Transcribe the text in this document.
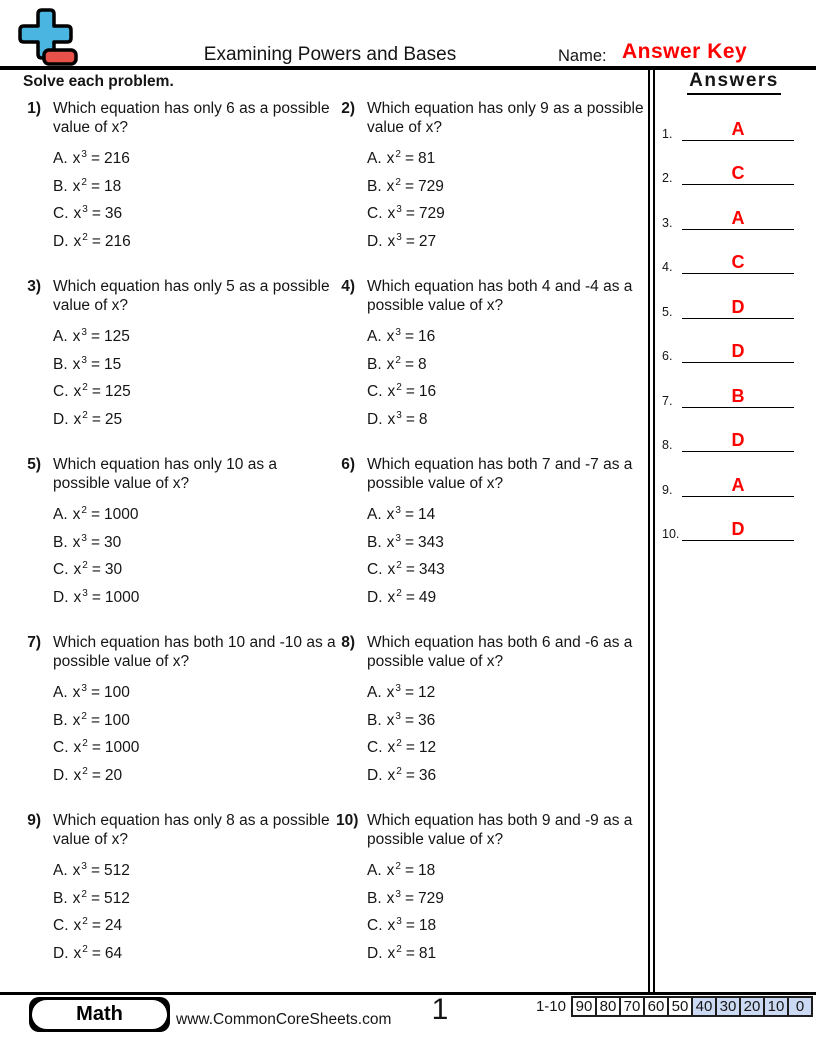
Examining Powers and Bases	Name: Answer Key
Solve each problem.
1) Which equation has only 6 as a possible value of x?
A. $x^3 = 216$
B. $x^2 = 18$
C. $x^3 = 36$
D. $x^2 = 216$
2) Which equation has only 9 as a possible value of x?
A. $x^2 = 81$
B. $x^2 = 729$
C. $x^3 = 729$
D. $x^3 = 27$
3) Which equation has only 5 as a possible value of x?
A. $x^3 = 125$
B. $x^3 = 15$
C. $x^2 = 125$
D. $x^2 = 25$
4) Which equation has both 4 and -4 as a possible value of x?
A. $x^3 = 16$
B. $x^2 = 8$
C. $x^2 = 16$
D. $x^3 = 8$
5) Which equation has only 10 as a possible value of x?
A. $x^2 = 1000$
B. $x^3 = 30$
C. $x^2 = 30$
D. $x^3 = 1000$
6) Which equation has both 7 and -7 as a possible value of x?
A. $x^3 = 14$
B. $x^3 = 343$
C. $x^2 = 343$
D. $x^2 = 49$
7) Which equation has both 10 and -10 as a possible value of x?
A. $x^3 = 100$
B. $x^2 = 100$
C. $x^2 = 1000$
D. $x^2 = 20$
8) Which equation has both 6 and -6 as a possible value of x?
A. $x^3 = 12$
B. $x^3 = 36$
C. $x^2 = 12$
D. $x^2 = 36$
9) Which equation has only 8 as a possible value of x?
A. $x^3 = 512$
B. $x^2 = 512$
C. $x^2 = 24$
D. $x^2 = 64$
10) Which equation has both 9 and -9 as a possible value of x?
A. $x^2 = 18$
B. $x^3 = 729$
C. $x^3 = 18$
D. $x^2 = 81$
Answers
1.	A
2.	C
3.	A
4.	C
5.	D
6.	D
7.	B
8.	D
9.	A
10.	D
Math	www.CommonCoreSheets.com	1	1-10 90 80 70 60 50 40 30 20 10 0
